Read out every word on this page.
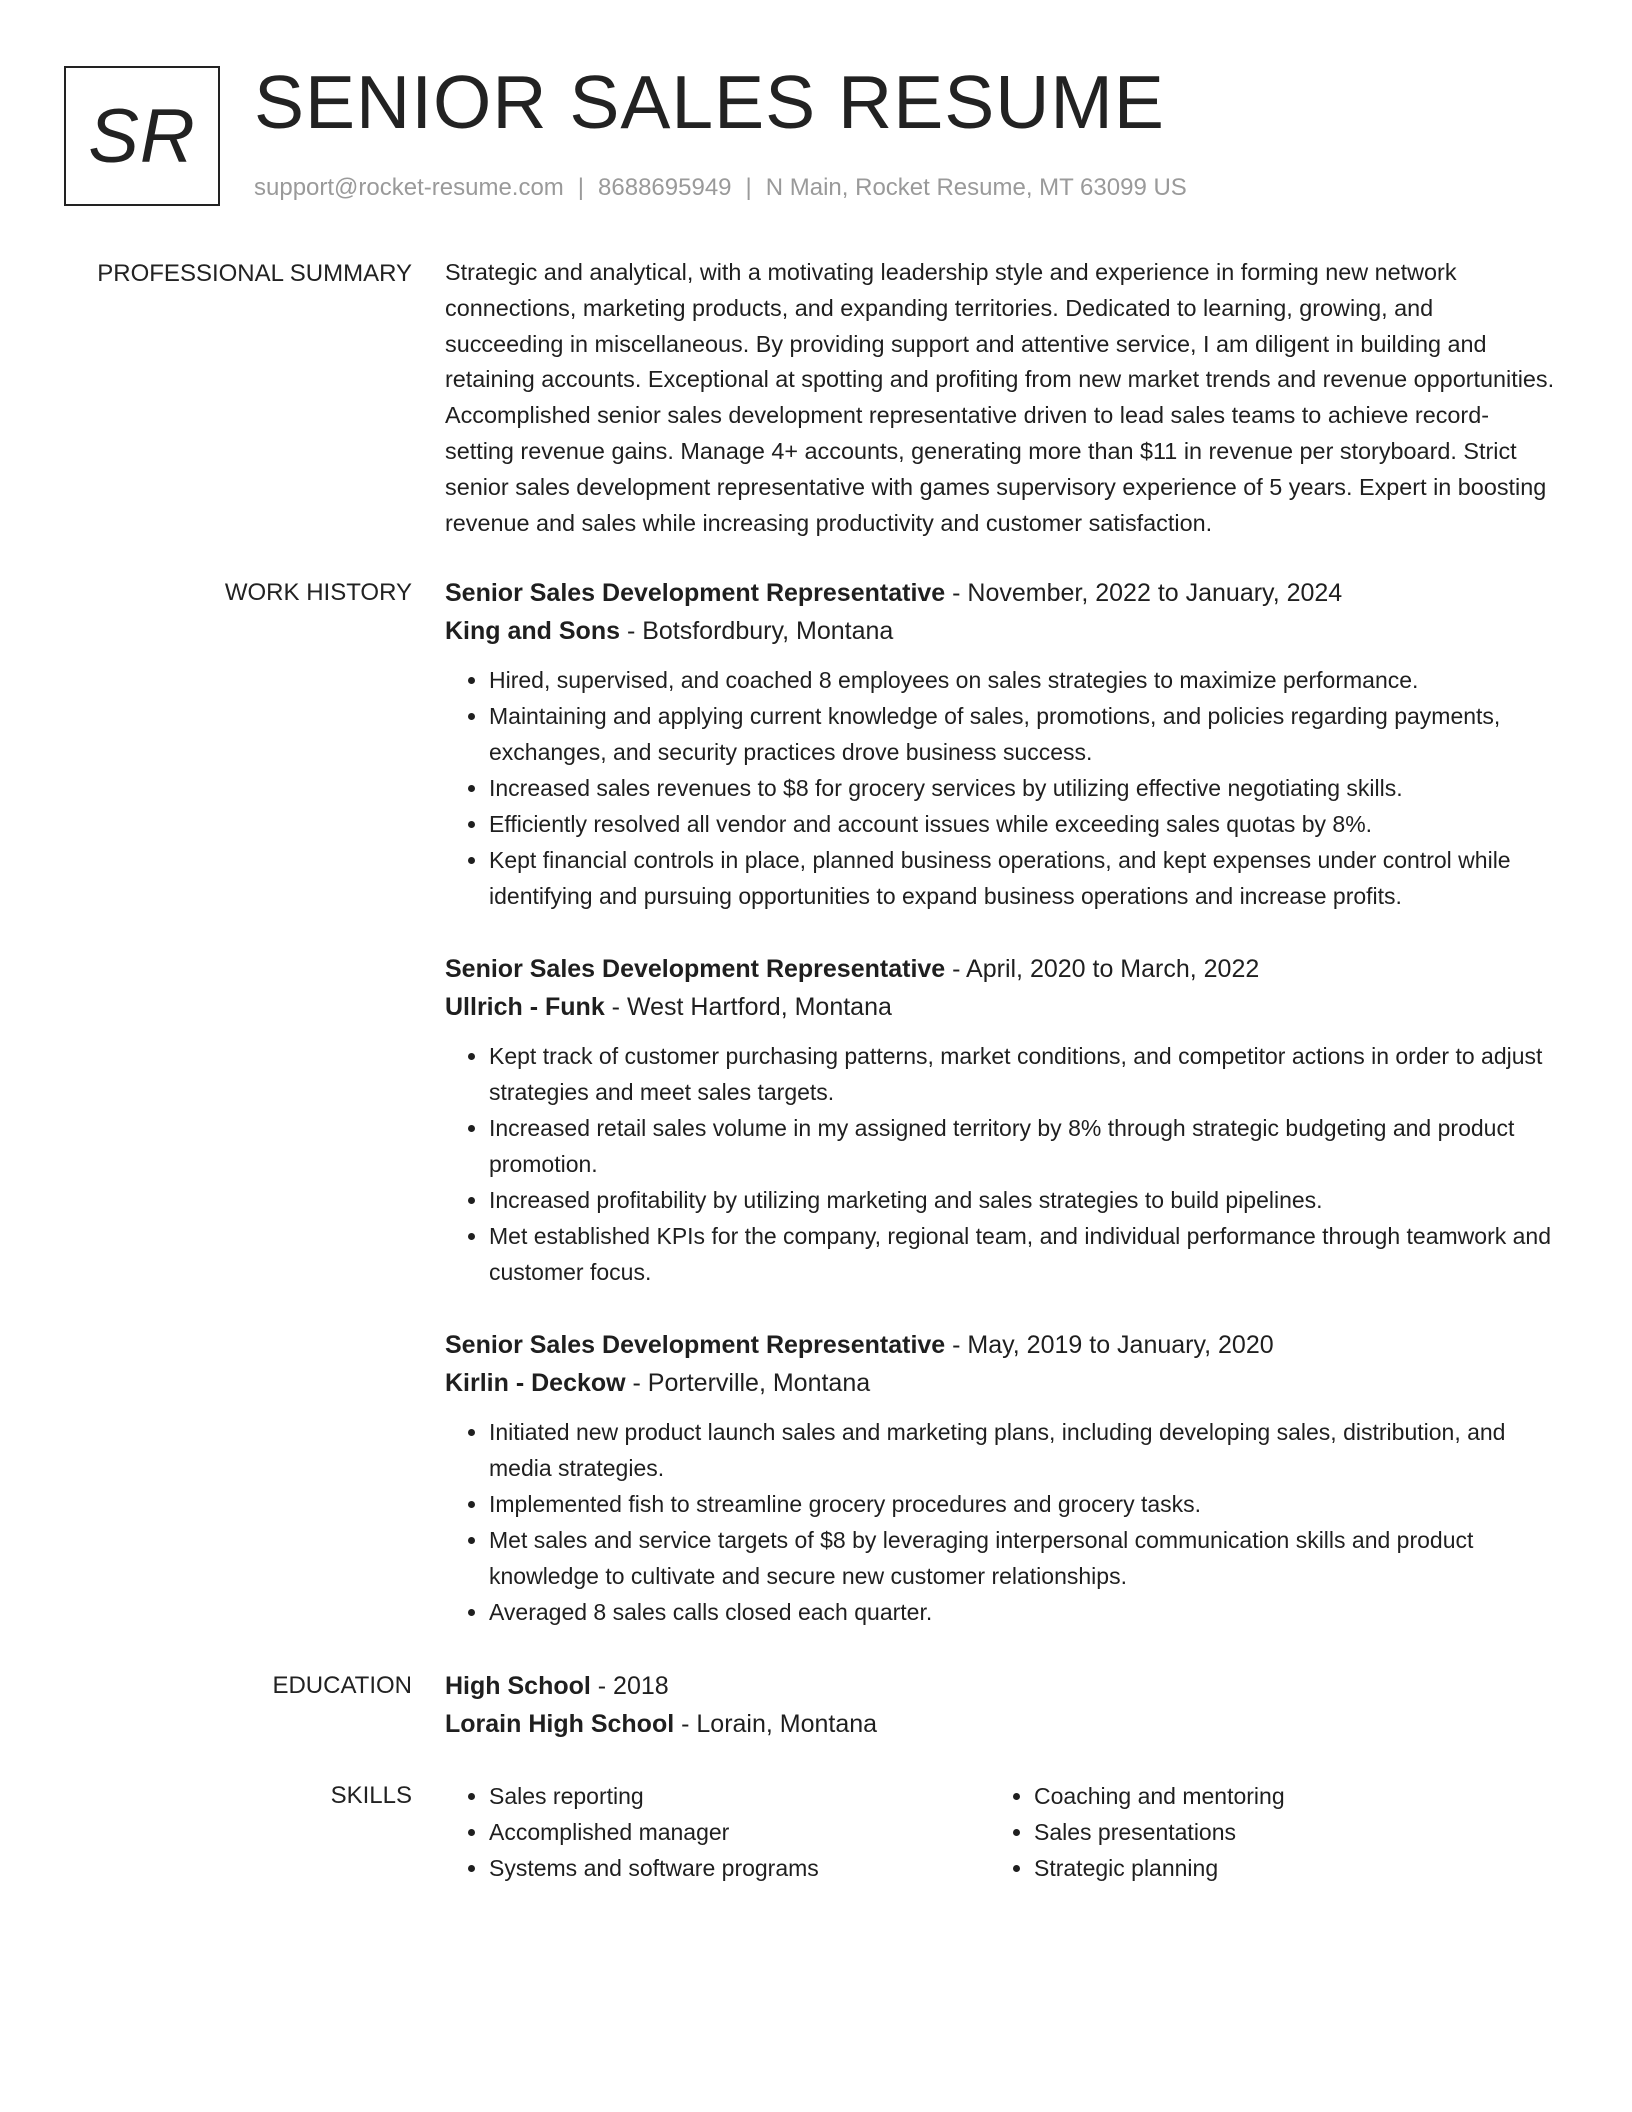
SR SENIOR SALES RESUME
support@rocket-resume.com | 8688695949 | N Main, Rocket Resume, MT 63099 US
PROFESSIONAL SUMMARY Strategic and analytical, with a motivating leadership style and experience in forming new network connections, marketing products, and expanding territories. Dedicated to learning, growing, and succeeding in miscellaneous. By providing support and attentive service, I am diligent in building and retaining accounts. Exceptional at spotting and profiting from new market trends and revenue opportunities. Accomplished senior sales development representative driven to lead sales teams to achieve record-setting revenue gains. Manage 4+ accounts, generating more than $11 in revenue per storyboard. Strict senior sales development representative with games supervisory experience of 5 years. Expert in boosting revenue and sales while increasing productivity and customer satisfaction.
WORK HISTORY Senior Sales Development Representative - November, 2022 to January, 2024
King and Sons - Botsfordbury, Montana
• Hired, supervised, and coached 8 employees on sales strategies to maximize performance.
• Maintaining and applying current knowledge of sales, promotions, and policies regarding payments, exchanges, and security practices drove business success.
• Increased sales revenues to $8 for grocery services by utilizing effective negotiating skills.
• Efficiently resolved all vendor and account issues while exceeding sales quotas by 8%.
• Kept financial controls in place, planned business operations, and kept expenses under control while identifying and pursuing opportunities to expand business operations and increase profits.
Senior Sales Development Representative - April, 2020 to March, 2022
Ullrich - Funk - West Hartford, Montana
• Kept track of customer purchasing patterns, market conditions, and competitor actions in order to adjust strategies and meet sales targets.
• Increased retail sales volume in my assigned territory by 8% through strategic budgeting and product promotion.
• Increased profitability by utilizing marketing and sales strategies to build pipelines.
• Met established KPIs for the company, regional team, and individual performance through teamwork and customer focus.
Senior Sales Development Representative - May, 2019 to January, 2020
Kirlin - Deckow - Porterville, Montana
• Initiated new product launch sales and marketing plans, including developing sales, distribution, and media strategies.
• Implemented fish to streamline grocery procedures and grocery tasks.
• Met sales and service targets of $8 by leveraging interpersonal communication skills and product knowledge to cultivate and secure new customer relationships.
• Averaged 8 sales calls closed each quarter.
EDUCATION High School - 2018
Lorain High School - Lorain, Montana
SKILLS
•	Sales reporting
• Accomplished manager
• Systems and software programs
• Coaching and mentoring
• Sales presentations
• Strategic planning
